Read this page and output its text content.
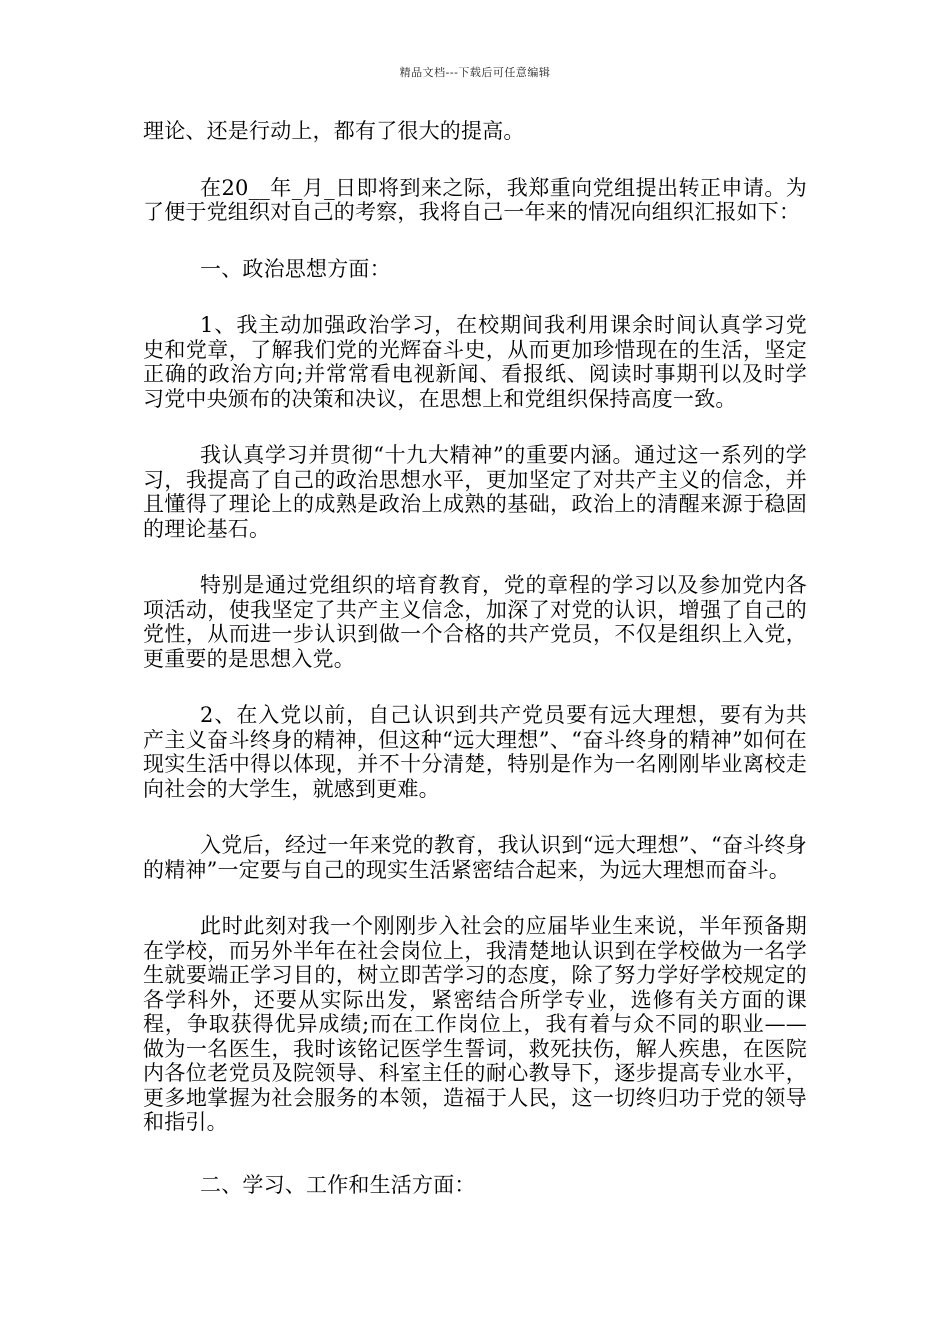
精品文档---下载后可任意编辑

理论、还是行动上，都有了很大的提高。

在20__年_月_日即将到来之际，我郑重向党组提出转正申请。为了便于党组织对自己的考察，我将自己一年来的情况向组织汇报如下：

一、政治思想方面：

1、我主动加强政治学习，在校期间我利用课余时间认真学习党史和党章，了解我们党的光辉奋斗史，从而更加珍惜现在的生活，坚定正确的政治方向;并常常看电视新闻、看报纸、阅读时事期刊以及时学习党中央颁布的决策和决议，在思想上和党组织保持高度一致。

我认真学习并贯彻“十九大精神”的重要内涵。通过这一系列的学习，我提高了自己的政治思想水平，更加坚定了对共产主义的信念，并且懂得了理论上的成熟是政治上成熟的基础，政治上的清醒来源于稳固的理论基石。

特别是通过党组织的培育教育，党的章程的学习以及参加党内各项活动，使我坚定了共产主义信念，加深了对党的认识，增强了自己的党性，从而进一步认识到做一个合格的共产党员，不仅是组织上入党，更重要的是思想入党。

2、在入党以前，自己认识到共产党员要有远大理想，要有为共产主义奋斗终身的精神，但这种“远大理想”、“奋斗终身的精神”如何在现实生活中得以体现，并不十分清楚，特别是作为一名刚刚毕业离校走向社会的大学生，就感到更难。

入党后，经过一年来党的教育，我认识到“远大理想”、“奋斗终身的精神”一定要与自己的现实生活紧密结合起来，为远大理想而奋斗。

此时此刻对我一个刚刚步入社会的应届毕业生来说，半年预备期在学校，而另外半年在社会岗位上，我清楚地认识到在学校做为一名学生就要端正学习目的，树立即苦学习的态度，除了努力学好学校规定的各学科外，还要从实际出发，紧密结合所学专业，选修有关方面的课程，争取获得优异成绩;而在工作岗位上，我有着与众不同的职业——做为一名医生，我时该铭记医学生誓词，救死扶伤，解人疾患，在医院内各位老党员及院领导、科室主任的耐心教导下，逐步提高专业水平，更多地掌握为社会服务的本领，造福于人民，这一切终归功于党的领导和指引。

二、学习、工作和生活方面：
